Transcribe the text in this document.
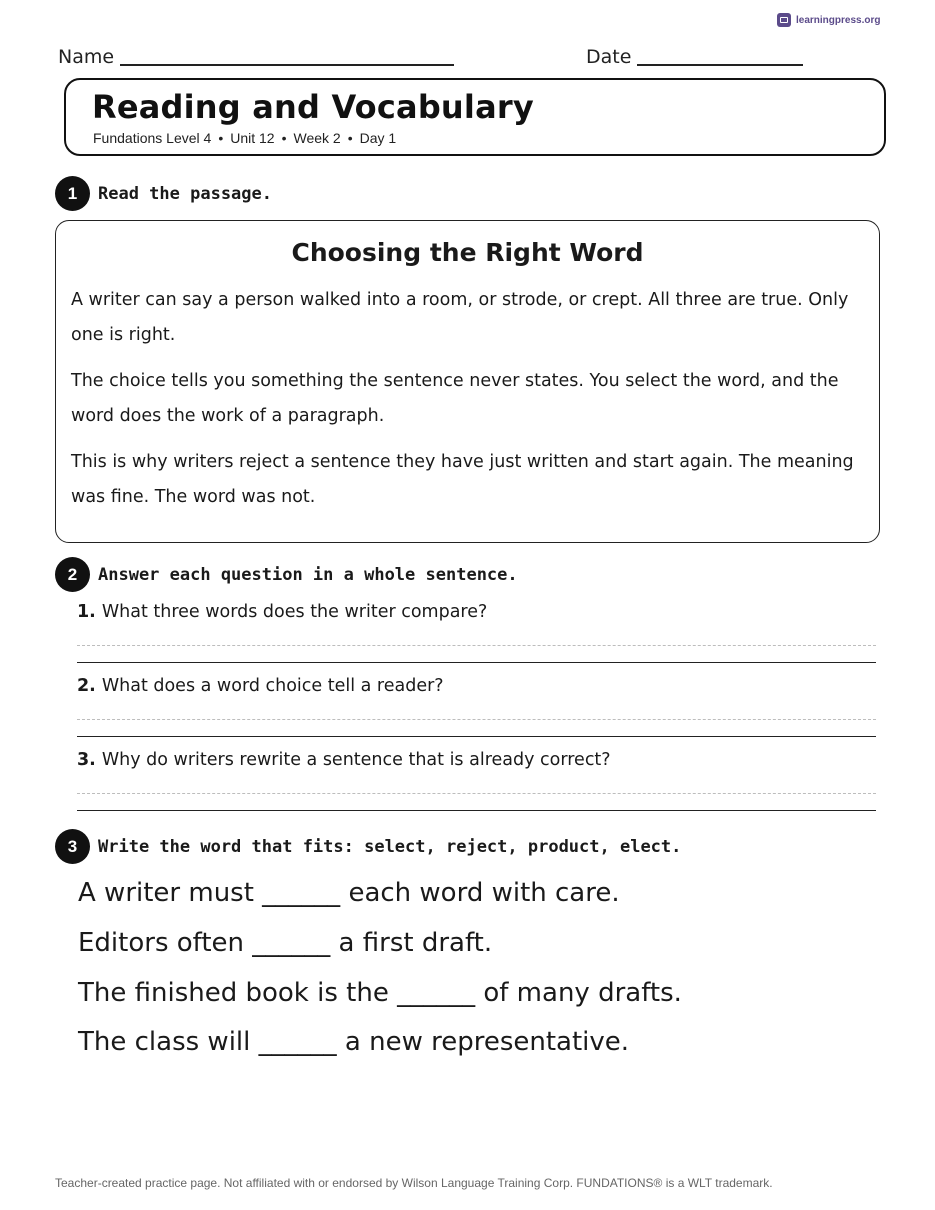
learningpress.org
Name	Date
Reading and Vocabulary
Fundations Level 4 • Unit 12 • Week 2 • Day 1
1	Read the passage.
Choosing the Right Word
A writer can say a person walked into a room, or strode, or crept. All three are true. Only one is right.
The choice tells you something the sentence never states. You select the word, and the word does the work of a paragraph.
This is why writers reject a sentence they have just written and start again. The meaning was fine. The word was not.
2	Answer each question in a whole sentence.
1. What three words does the writer compare?
2. What does a word choice tell a reader?
3. Why do writers rewrite a sentence that is already correct?
3	Write the word that fits: select, reject, product, elect.
A writer must ______ each word with care.
Editors often ______ a first draft.
The finished book is the ______ of many drafts.
The class will ______ a new representative.
Teacher-created practice page. Not affiliated with or endorsed by Wilson Language Training Corp. FUNDATIONS® is a WLT trademark.
